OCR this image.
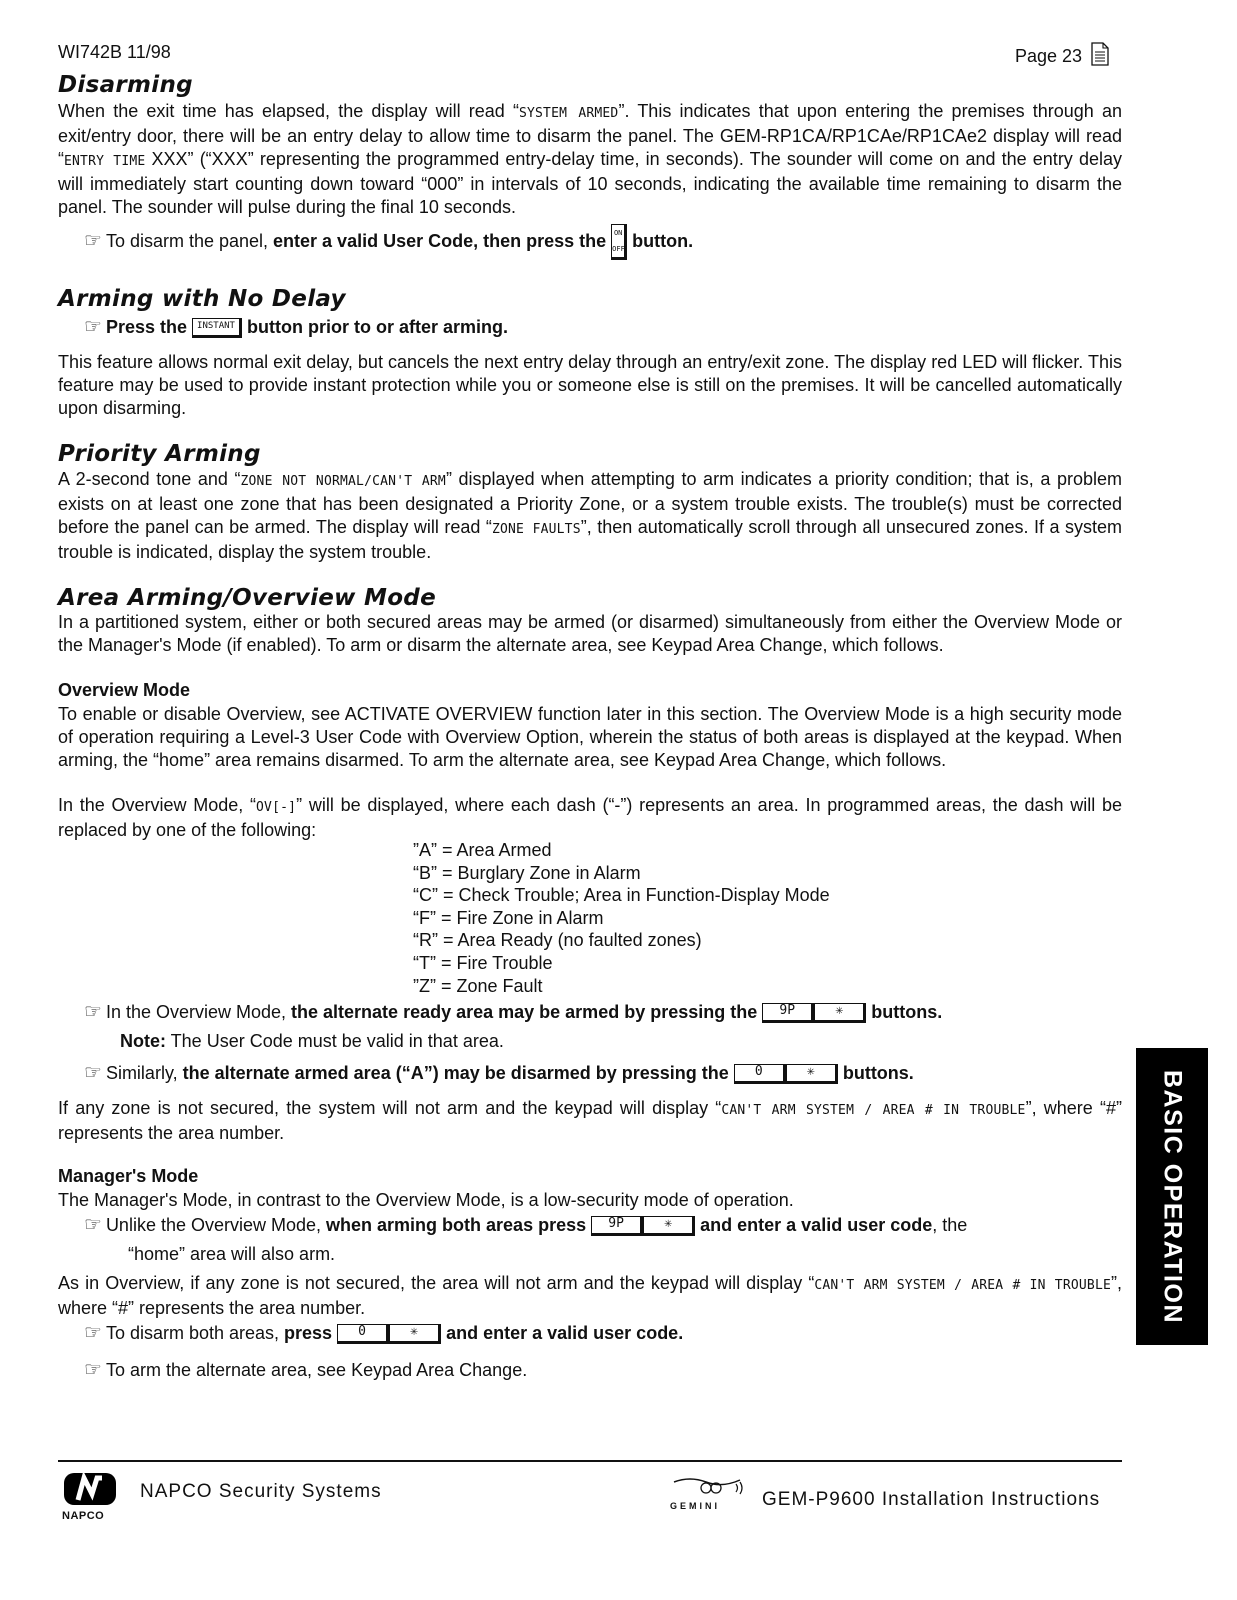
WI742B 11/98	Page 23
Disarming
When the exit time has elapsed, the display will read “SYSTEM ARMED”. This indicates that upon entering the premises through an exit/entry door, there will be an entry delay to allow time to disarm the panel. The GEM-RP1CA/RP1CAe/RP1CAe2 display will read “ENTRY TIME XXX” (“XXX” representing the programmed entry-delay time, in seconds). The sounder will come on and the entry delay will immediately start counting down toward “000” in intervals of 10 seconds, indicating the available time remaining to disarm the panel. The sounder will pulse during the final 10 seconds.
☞ To disarm the panel, enter a valid User Code, then press the ON
OFF button.
Arming with No Delay
☞ Press the INSTANT button prior to or after arming.
This feature allows normal exit delay, but cancels the next entry delay through an entry/exit zone. The display red LED will flicker. This feature may be used to provide instant protection while you or someone else is still on the premises. It will be cancelled automatically upon disarming.
Priority Arming
A 2-second tone and “ZONE NOT NORMAL/CAN'T ARM” displayed when attempting to arm indicates a priority condition; that is, a problem exists on at least one zone that has been designated a Priority Zone, or a system trouble exists. The trouble(s) must be corrected before the panel can be armed. The display will read “ZONE FAULTS”, then automatically scroll through all unsecured zones. If a system trouble is indicated, display the system trouble.
Area Arming/Overview Mode
In a partitioned system, either or both secured areas may be armed (or disarmed) simultaneously from either the Overview Mode or the Manager's Mode (if enabled). To arm or disarm the alternate area, see Keypad Area Change, which follows.
Overview Mode
To enable or disable Overview, see ACTIVATE OVERVIEW function later in this section. The Overview Mode is a high security mode of operation requiring a Level-3 User Code with Overview Option, wherein the status of both areas is displayed at the keypad. When arming, the “home” area remains disarmed. To arm the alternate area, see Keypad Area Change, which follows.
In the Overview Mode, “OV[-]” will be displayed, where each dash (“-”) represents an area. In programmed areas, the dash will be replaced by one of the following:
”A” = Area Armed
“B” = Burglary Zone in Alarm
“C” = Check Trouble; Area in Function-Display Mode
“F” = Fire Zone in Alarm
“R” = Area Ready (no faulted zones)
“T” = Fire Trouble
”Z” = Zone Fault
☞ In the Overview Mode, the alternate ready area may be armed by pressing the 9P	✳ buttons.
Note: The User Code must be valid in that area.
☞ Similarly, the alternate armed area (“A”) may be disarmed by pressing the 0	✳ buttons.
If any zone is not secured, the system will not arm and the keypad will display “CAN'T ARM SYSTEM / AREA # IN TROUBLE”, where “#” represents the area number.
Manager's Mode
The Manager's Mode, in contrast to the Overview Mode, is a low-security mode of operation.
☞ Unlike the Overview Mode, when arming both areas press 9P	✳ and enter a valid user code, the
“home” area will also arm.
As in Overview, if any zone is not secured, the area will not arm and the keypad will display “CAN'T ARM SYSTEM / AREA # IN TROUBLE”, where “#” represents the area number.
☞ To disarm both areas, press 0	✳ and enter a valid user code.
☞ To arm the alternate area, see Keypad Area Change.
BASIC OPERATION
NAPCO
NAPCO Security Systems
GEMINI	GEM-P9600 Installation Instructions
